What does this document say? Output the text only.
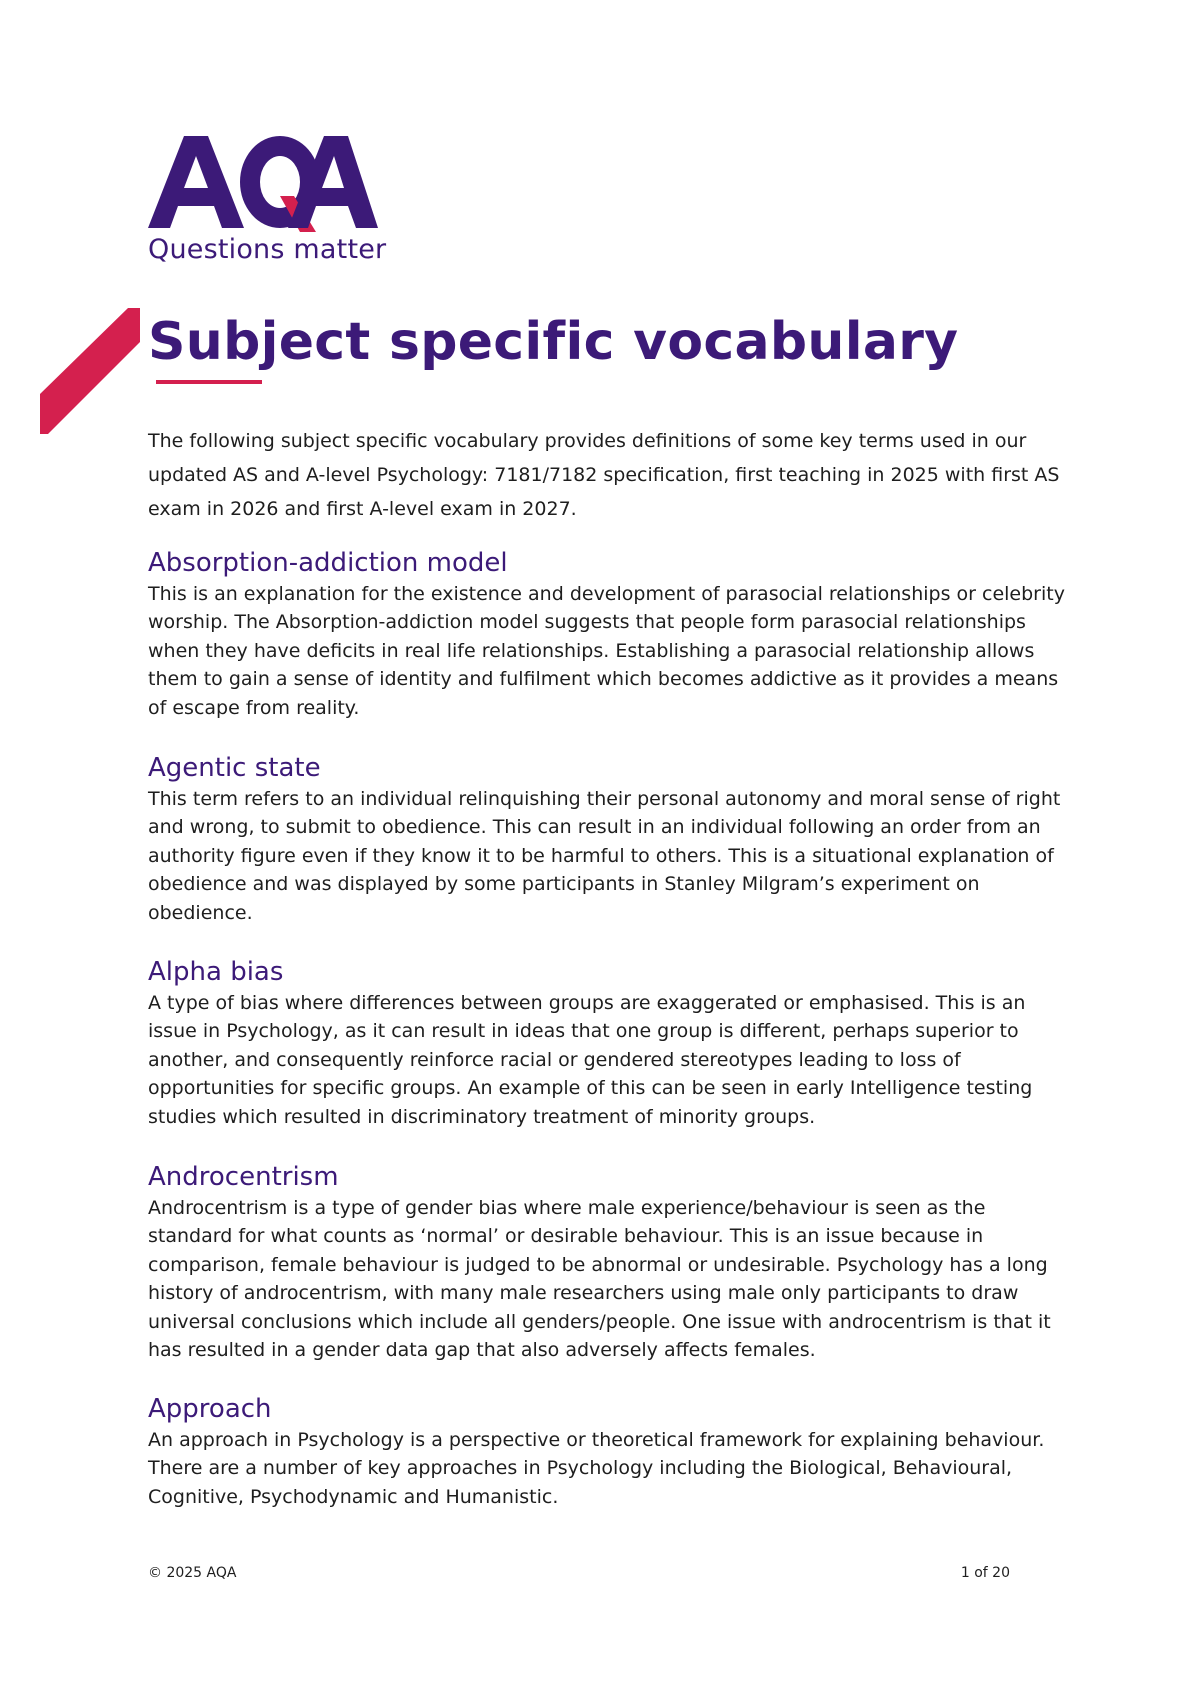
Questions matter
Subject specific vocabulary

The following subject specific vocabulary provides definitions of some key terms used in our updated AS and A-level Psychology: 7181/7182 specification, first teaching in 2025 with first AS exam in 2026 and first A-level exam in 2027.

Absorption-addiction model

This is an explanation for the existence and development of parasocial relationships or celebrity worship. The Absorption-addiction model suggests that people form parasocial relationships when they have deficits in real life relationships. Establishing a parasocial relationship allows them to gain a sense of identity and fulfilment which becomes addictive as it provides a means of escape from reality.

Agentic state

This term refers to an individual relinquishing their personal autonomy and moral sense of right and wrong, to submit to obedience. This can result in an individual following an order from an authority figure even if they know it to be harmful to others. This is a situational explanation of obedience and was displayed by some participants in Stanley Milgram’s experiment on obedience.

Alpha bias

A type of bias where differences between groups are exaggerated or emphasised. This is an issue in Psychology, as it can result in ideas that one group is different, perhaps superior to another, and consequently reinforce racial or gendered stereotypes leading to loss of opportunities for specific groups. An example of this can be seen in early Intelligence testing studies which resulted in discriminatory treatment of minority groups.

Androcentrism

Androcentrism is a type of gender bias where male experience/behaviour is seen as the standard for what counts as ‘normal’ or desirable behaviour. This is an issue because in comparison, female behaviour is judged to be abnormal or undesirable. Psychology has a long history of androcentrism, with many male researchers using male only participants to draw universal conclusions which include all genders/people. One issue with androcentrism is that it has resulted in a gender data gap that also adversely affects females.

Approach

An approach in Psychology is a perspective or theoretical framework for explaining behaviour. There are a number of key approaches in Psychology including the Biological, Behavioural, Cognitive, Psychodynamic and Humanistic.

© 2025 AQA	1 of 20
